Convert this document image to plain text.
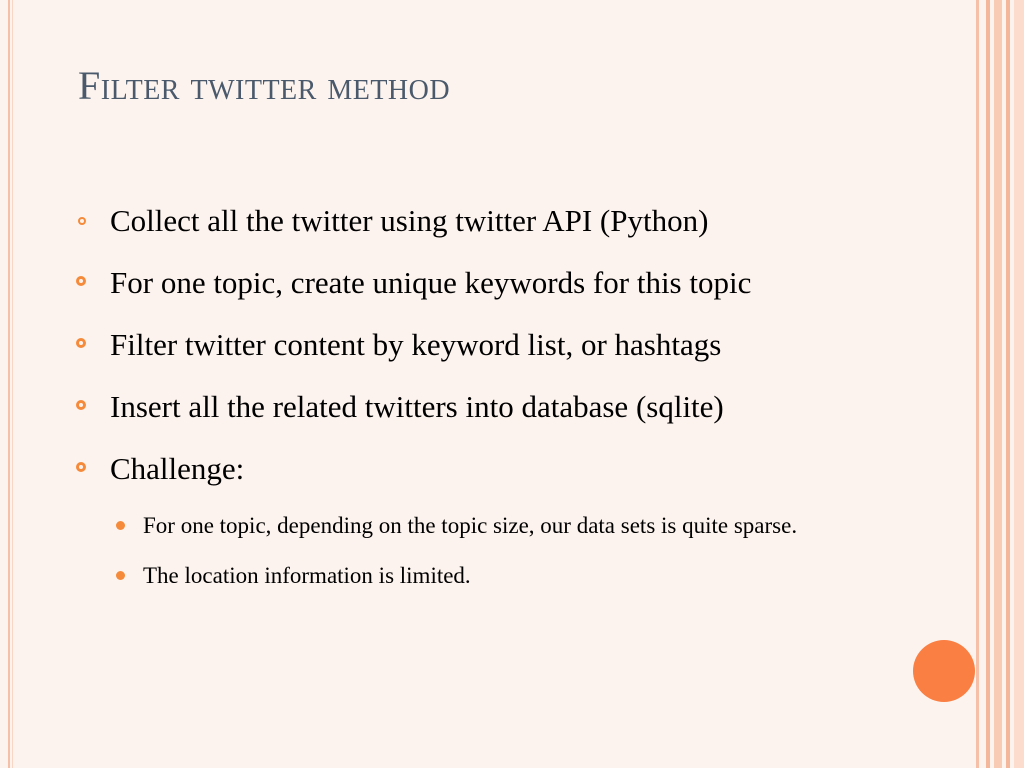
Filter twitter method
Collect all the twitter using twitter API (Python)
For one topic, create unique keywords for this topic
Filter twitter content by keyword list, or hashtags
Insert all the related twitters into database (sqlite)
Challenge:
For one topic, depending on the topic size, our data sets is quite sparse.
The location information is limited.
